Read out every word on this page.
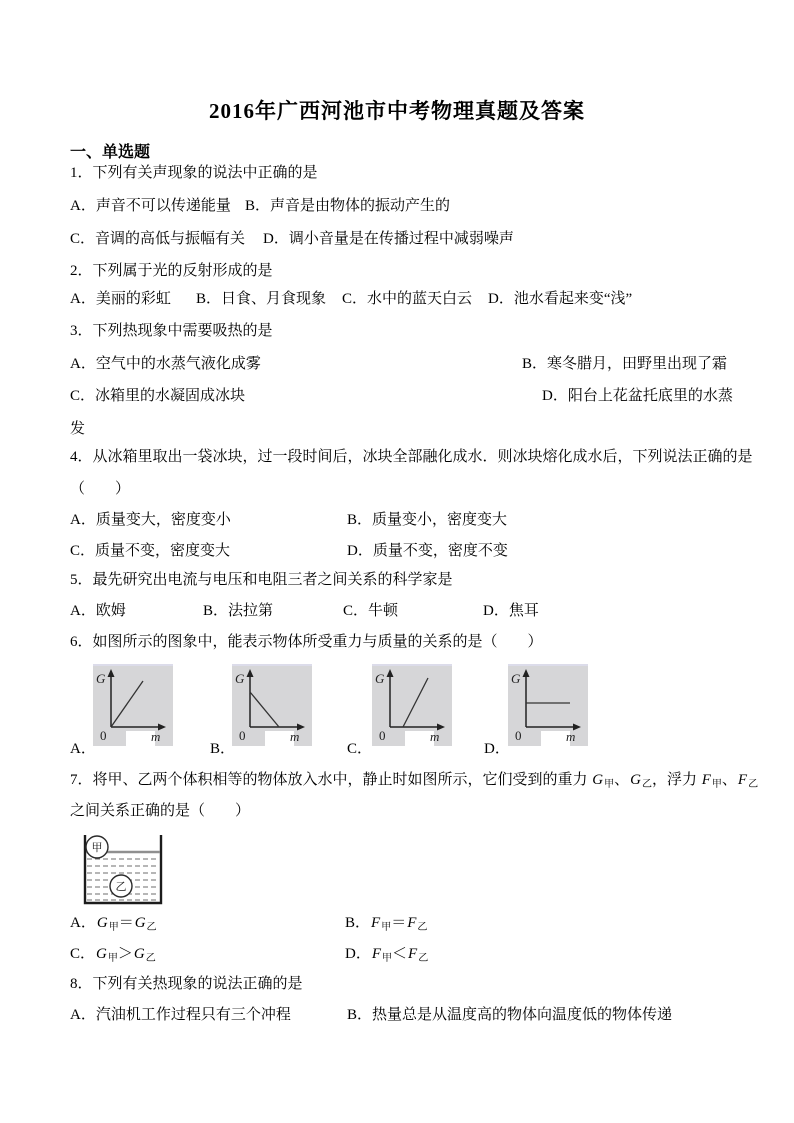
2016年广西河池市中考物理真题及答案
一、单选题
1．下列有关声现象的说法中正确的是
A．声音不可以传递能量 B．声音是由物体的振动产生的
C．音调的高低与振幅有关 D．调小音量是在传播过程中减弱噪声
2．下列属于光的反射形成的是
A．美丽的彩虹 B．日食、月食现象 C．水中的蓝天白云 D．池水看起来变“浅”
3．下列热现象中需要吸热的是
A．空气中的水蒸气液化成雾	B．寒冬腊月，田野里出现了霜
C．冰箱里的水凝固成冰块	D．阳台上花盆托底里的水蒸
发
4．从冰箱里取出一袋冰块，过一段时间后，冰块全部融化成水．则冰块熔化成水后，下列说法正确的是
（　　）
A．质量变大，密度变小	B．质量变小，密度变大
C．质量不变，密度变大	D．质量不变，密度不变
5．最先研究出电流与电压和电阻三者之间关系的科学家是
A．欧姆	B．法拉第	C．牛顿	D．焦耳
6．如图所示的图象中，能表示物体所受重力与质量的关系的是（　　）
G
m
0
G
m
0
G
m
0
G
m
0
A．	B．	C．	D．
7．将甲、乙两个体积相等的物体放入水中，静止时如图所示，它们受到的重力 $G_甲$、$G_乙$，浮力 $F_甲$、$F_乙$
之间关系正确的是（　　）
甲
乙
A．$G_甲=G_乙$	B．$F_甲=F_乙$
C．$G_甲>G_乙$	D．$F_甲<F_乙$
8．下列有关热现象的说法正确的是
A．汽油机工作过程只有三个冲程	B．热量总是从温度高的物体向温度低的物体传递
